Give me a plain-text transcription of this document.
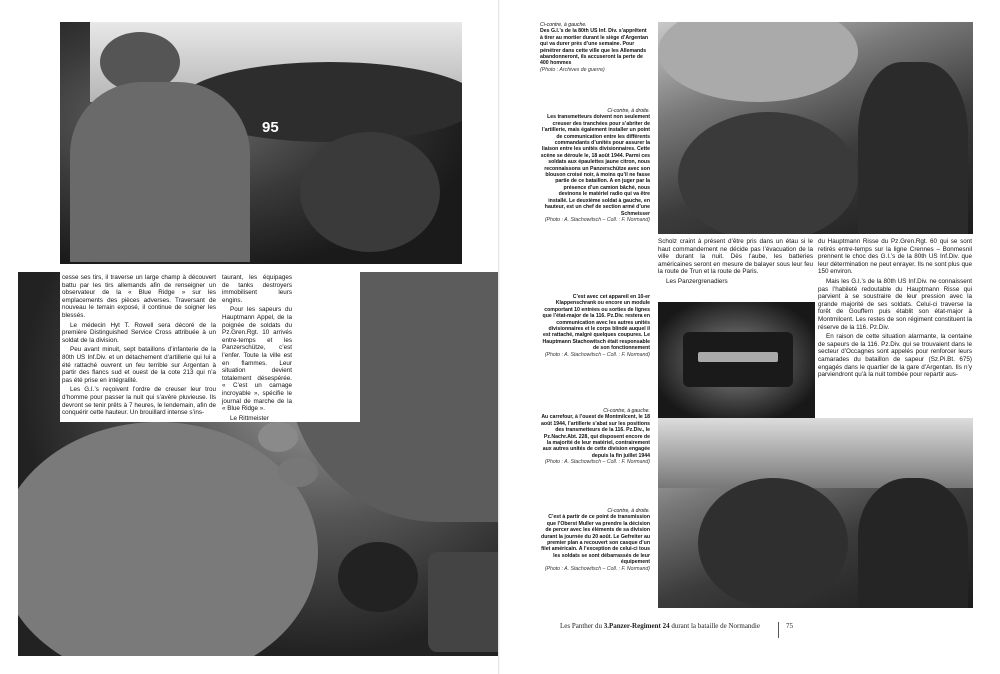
95

cesse ses tirs, il traverse un large champ à découvert battu par les tirs allemands afin de renseigner un observateur de la « Blue Ridge » sur les emplacements des pièces adverses. Traversant de nouveau le terrain exposé, il continue de soigner les blessés.

Le médecin Hyt T. Rowell sera décoré de la première Distinguished Service Cross attribuée à un soldat de la division.

Peu avant minuit, sept bataillons d’infanterie de la 80th US Inf.Div. et un détachement d’artillerie qui lui a été rattaché ouvrent un feu terrible sur Argentan à partir des flancs sud et ouest de la cote 213 qui n’a pas été prise en intégralité.

Les G.I.’s reçoivent l’ordre de creuser leur trou d’homme pour passer la nuit qui s’avère pluvieuse. Ils devront se tenir prêts à 7 heures, le lendemain, afin de conquérir cette hauteur. Un brouillard intense s’ins-

taurant, les équipages de tanks destroyers immobilisent leurs engins.

Pour les sapeurs du Hauptmann Appel, de la poignée de soldats du Pz.Gren.Rgt. 10 arrivés entre-temps et les Panzerschütze, c’est l’enfer. Toute la ville est en flammes. Leur situation devient totalement désespérée. « C’est un carnage incroyable », spécifie le journal de marche de la « Blue Ridge ».

Le Rittmeister

Ci-contre, à gauche.
Des G.I.’s de la 80th US Inf. Div. s’apprêtent à tirer au mortier durant le siège d’Argentan qui va durer près d’une semaine. Pour pénétrer dans cette ville que les Allemands abandonneront, ils accuseront la perte de 400 hommes
(Photo : Archives de guerre)
Ci-contre, à droite.
Les transmetteurs doivent non seulement creuser des tranchées pour s’abriter de l’artillerie, mais également installer un point de communication entre les différents commandants d’unités pour assurer la liaison entre les unités divisionnaires. Cette scène se déroule le, 18 août 1944. Parmi ces soldats aux épaulettes jaune citron, nous reconnaissons un Panzerschütze avec son blouson croisé noir, à moins qu’il ne fasse partie de ce bataillon. A en juger par la présence d’un camion bâché, nous devinons le matériel radio qui va être installé. Le deuxième soldat à gauche, en hauteur, est un chef de section armé d’une Schmeisser
(Photo : A. Stachowitsch – Coll. : F. Normand)

Scholz craint à présent d’être pris dans un étau si le haut commandement ne décide pas l’évacuation de la ville durant la nuit. Dès l’aube, les batteries américaines seront en mesure de balayer sous leur feu la route de Trun et la route de Paris.

Les Panzergrenadiers

du Hauptmann Risse du Pz.Gren.Rgt. 60 qui se sont retirés entre-temps sur la ligne Crennes – Bonmesnil prennent le choc des G.I.’s de la 80th US Inf.Div. que leur détermination ne peut enrayer. Ils ne sont plus que 150 environ.

Mais les G.I.’s de la 80th US Inf.Div. ne connaissent pas l’habileté redoutable du Hauptmann Risse qui parvient à se soustraire de leur pression avec la grande majorité de ses soldats. Celui-ci traverse la forêt de Gouffern puis établit son état-major à Montmilcent. Les restes de son régiment constituent la réserve de la 116. Pz.Div.

En raison de cette situation alarmante, la centaine de sapeurs de la 116. Pz.Div. qui se trouvaient dans le secteur d’Occagnes sont appelés pour renforcer leurs camarades du bataillon de sapeur (Sz.Pi.Bt. 675) engagés dans le quartier de la gare d’Argentan. Ils n’y parviendront qu’à la nuit tombée pour repartir aus-

C’est avec cet appareil en 10-er Klappenschrank ou encore un module comportant 10 entrées ou sorties de lignes que l’état-major de la 116. Pz.Div. restera en communication avec les autres unités divisionnaires et le corps blindé auquel il est rattaché, malgré quelques coupures. Le Hauptmann Stachowitsch était responsable de son fonctionnement
(Photo : A. Stachowitsch – Coll. : F. Normand)
Ci-contre, à gauche.
Au carrefour, à l’ouest de Montmilcent, le 18 août 1944, l’artillerie s’abat sur les positions des transmetteurs de la 116. Pz.Div., le Pz.Nachr.Abt. 228, qui disposent encore de la majorité de leur matériel, contrairement aux autres unités de cette division engagée depuis la fin juillet 1944
(Photo : A. Stachowitsch – Coll. : F. Normand)
Ci-contre, à droite.
C’est à partir de ce point de transmission que l’Oberst Muller va prendre la décision de percer avec les éléments de sa division durant la journée du 20 août. Le Gefreiter au premier plan a recouvert son casque d’un filet américain. A l’exception de celui-ci tous les soldats se sont débarrassés de leur équipement
(Photo : A. Stachowitsch – Coll. : F. Normand)
Les Panther du 3.Panzer-Regiment 24 durant la bataille de Normandie	75
